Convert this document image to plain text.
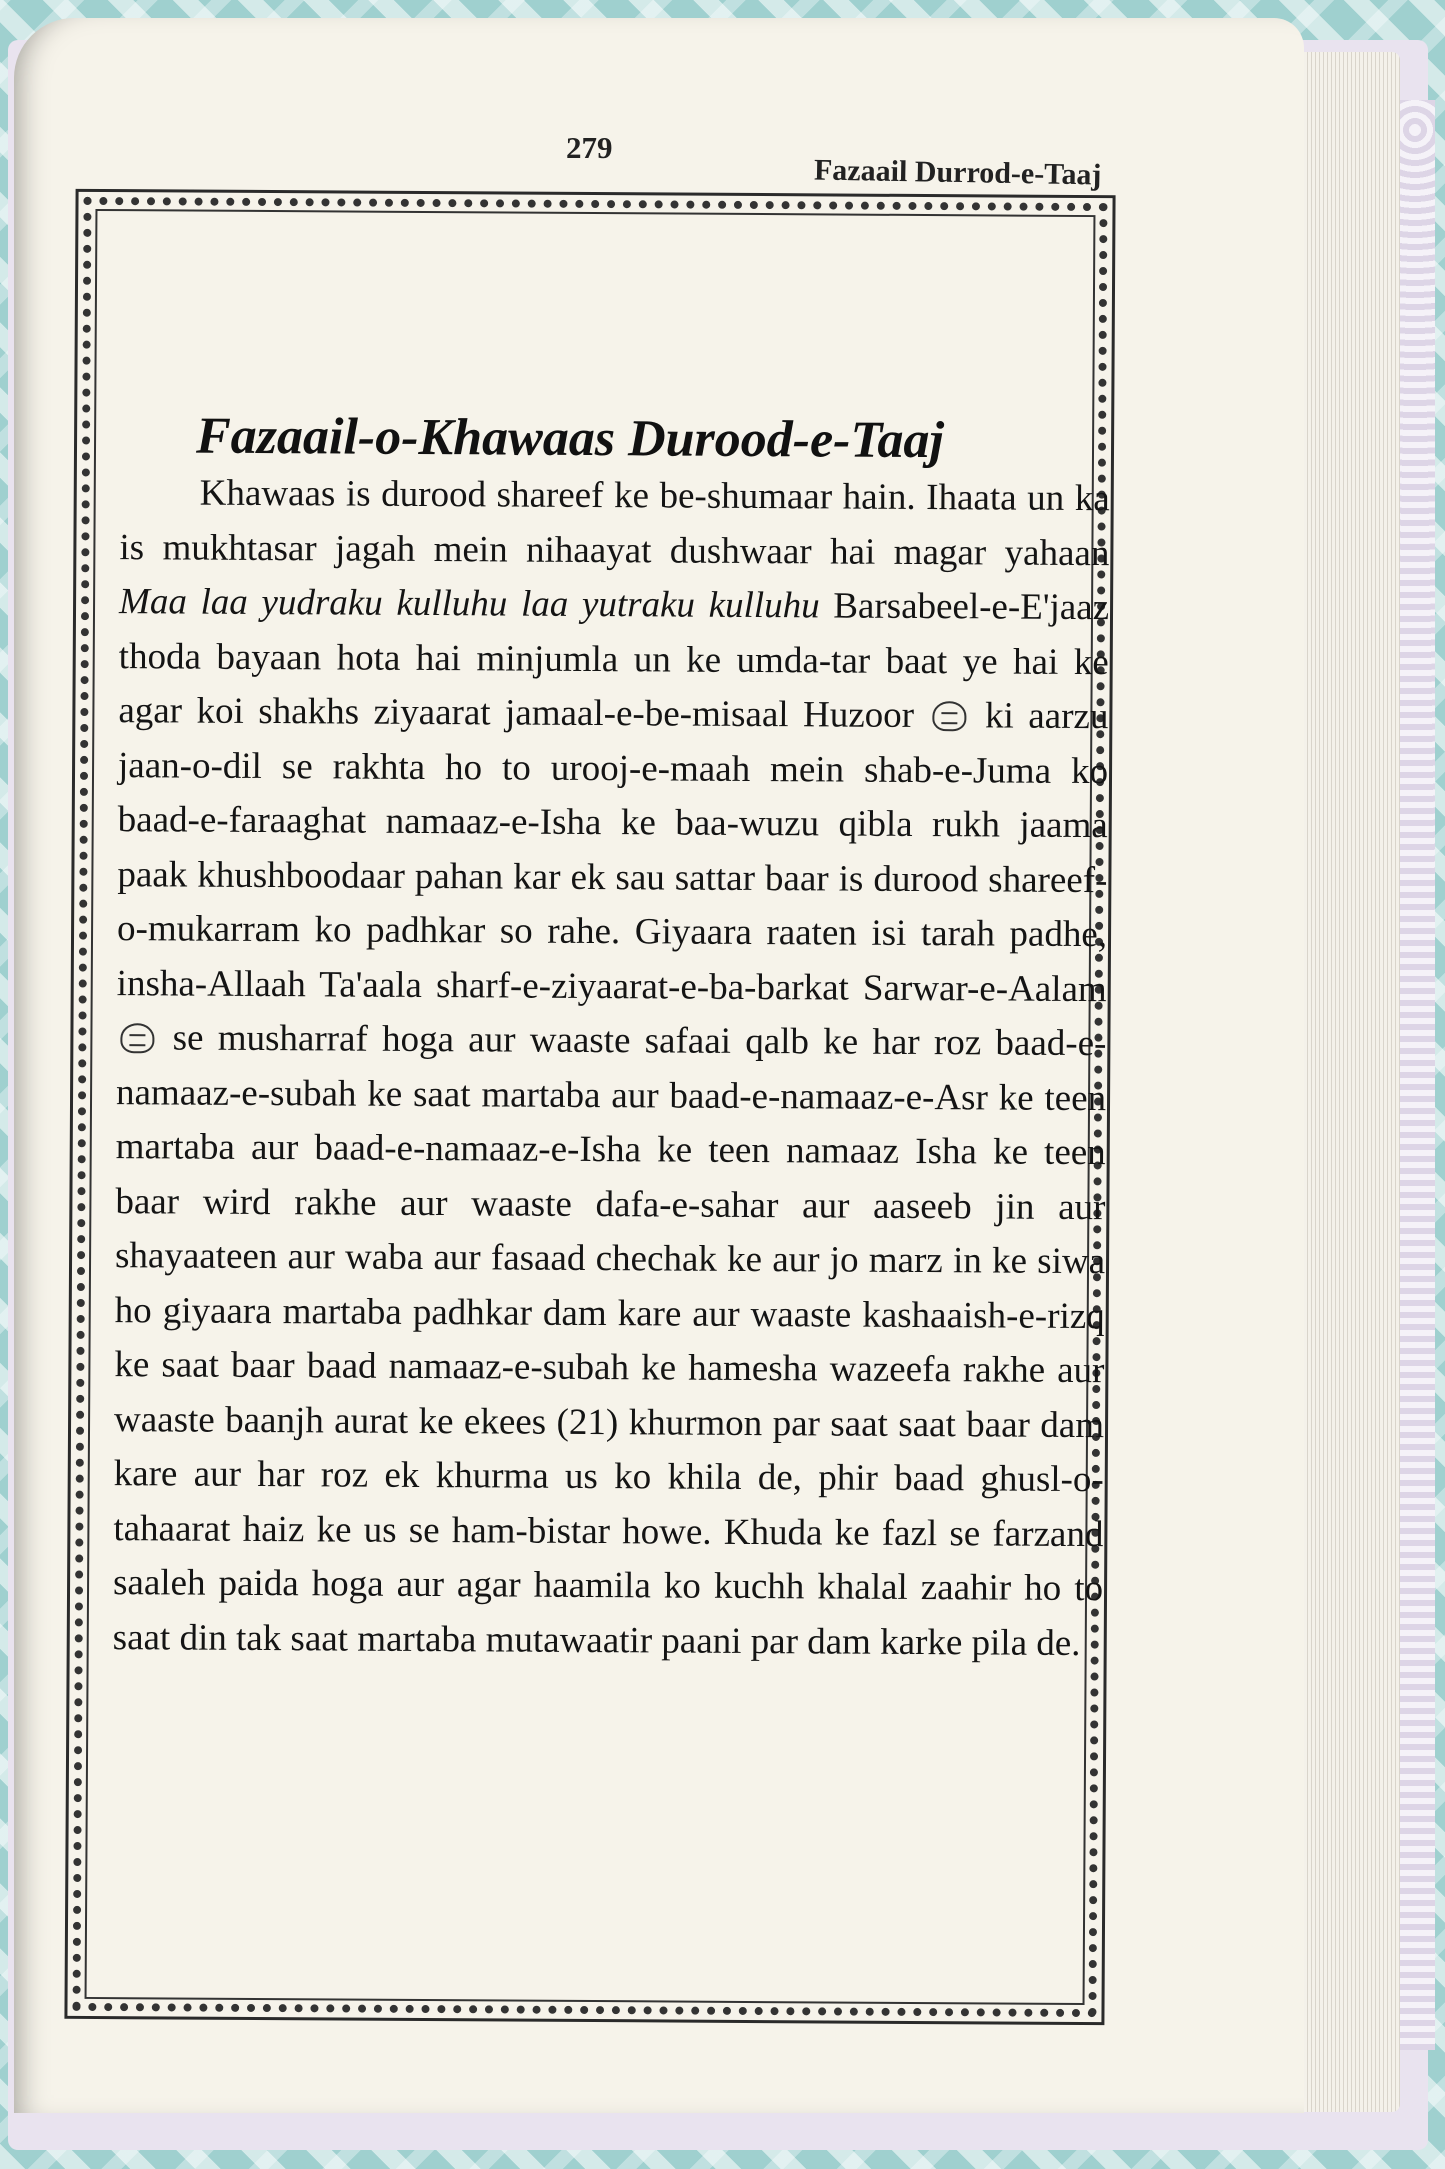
279
Fazaail Durrod-e-Taaj
Fazaail-o-Khawaas Durood-e-Taaj

Khawaas is durood shareef ke be-shumaar hain. Ihaata un ka is mukhtasar jagah mein nihaayat dushwaar hai magar yahaan Maa laa yudraku kulluhu laa yutraku kulluhu Barsabeel-e-E'jaaz thoda bayaan hota hai minjumla un ke umda-tar baat ye hai ke agar koi shakhs ziyaarat jamaal-e-be-misaal Huzoor ki aarzu jaan-o-dil se rakhta ho to urooj-e-maah mein shab-e-Juma ko baad-e-faraaghat namaaz-e-Isha ke baa-wuzu qibla rukh jaama paak khushboodaar pahan kar ek sau sattar baar is durood shareef-o-mukarram ko padhkar so rahe. Giyaara raaten isi tarah padhe, insha-Allaah Ta'aala sharf-e-ziyaarat-e-ba-barkat Sarwar-e-Aalam  se musharraf hoga aur waaste safaai qalb ke har roz baad-e-namaaz-e-subah ke saat martaba aur baad-e-namaaz-e-Asr ke teen martaba aur baad-e-namaaz-e-Isha ke teen namaaz Isha ke teen baar wird rakhe aur waaste dafa-e-sahar aur aaseeb jin aur shayaateen aur waba aur fasaad chechak ke aur jo marz in ke siwa ho giyaara martaba padhkar dam kare aur waaste kashaaish-e-rizq ke saat baar baad namaaz-e-subah ke hamesha wazeefa rakhe aur waaste baanjh aurat ke ekees (21) khurmon par saat saat baar dam kare aur har roz ek khurma us ko khila de, phir baad ghusl-o-tahaarat haiz ke us se ham-bistar howe. Khuda ke fazl se farzand saaleh paida hoga aur agar haamila ko kuchh khalal zaahir ho to saat din tak saat martaba mutawaatir paani par dam karke pila de.
